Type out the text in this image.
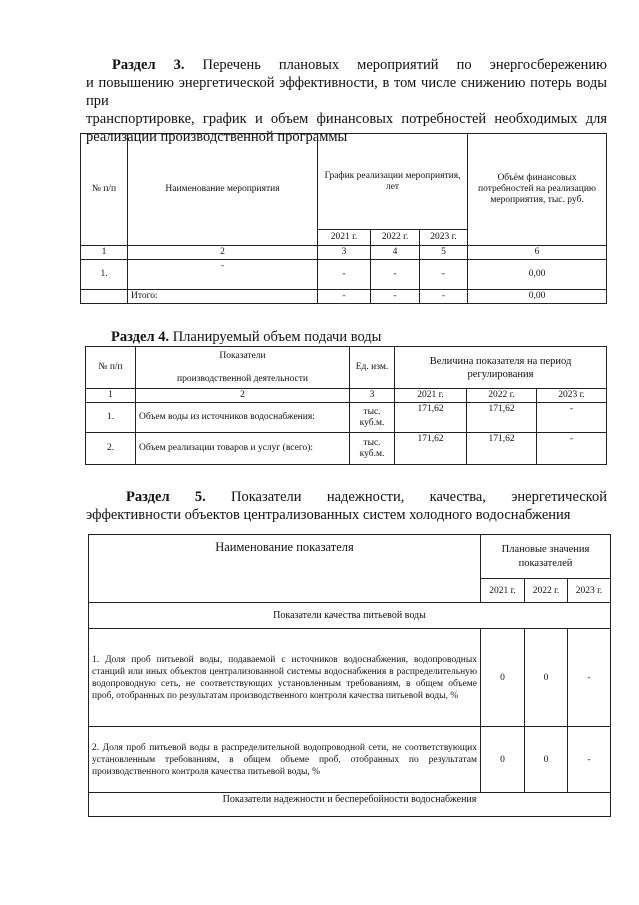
Раздел 3. Перечень плановых мероприятий по энергосбережению
и повышению энергетической эффективности, в том числе снижению потерь воды при
транспортировке, график и объем финансовых потребностей необходимых для
реализации производственной программы
№ п/п	Наименование мероприятия	График реализации мероприятия, лет			Объём финансовых потребностей на реализацию мероприятия, тыс. руб.
		2021 г.	2022 г.	2023 г.	
1	2	3	4	5	6
1.	-	-	-	-	0,00
	Итого:	-	-	-	0,00
Раздел 4. Планируемый объем подачи воды
№ п/п	Показатели
производственной деятельности	Ед. изм.	Величина показателя на период регулирования		

1	2	3	2021 г.	2022 г.	2023 г.
1.	Объем воды из источников водоснабжения:	тыс. куб.м.	171,62	171,62	-
2.	Объем реализации товаров и услуг (всего):	тыс. куб.м.	171,62	171,62	-
Раздел 5. Показатели надежности, качества, энергетической
эффективности объектов централизованных систем холодного водоснабжения
Наименование показателя	Плановые значения показателей		
	2021 г.	2022 г.	2023 г.
Показатели качества питьевой воды			
1. Доля проб питьевой воды, подаваемой с источников водоснабжения, водопроводных станций или иных объектов централизованной системы водоснабжения в распределительную водопроводную сеть, не соответствующих установленным требованиям, в общем объеме проб, отобранных по результатам производственного контроля качества питьевой воды, %	0	0	-
2. Доля проб питьевой воды в распределительной водопроводной сети, не соответствующих установленным требованиям, в общем объеме проб, отобранных по результатам производственного контроля качества питьевой воды, %	0	0	-
Показатели надежности и бесперебойности водоснабжения			
